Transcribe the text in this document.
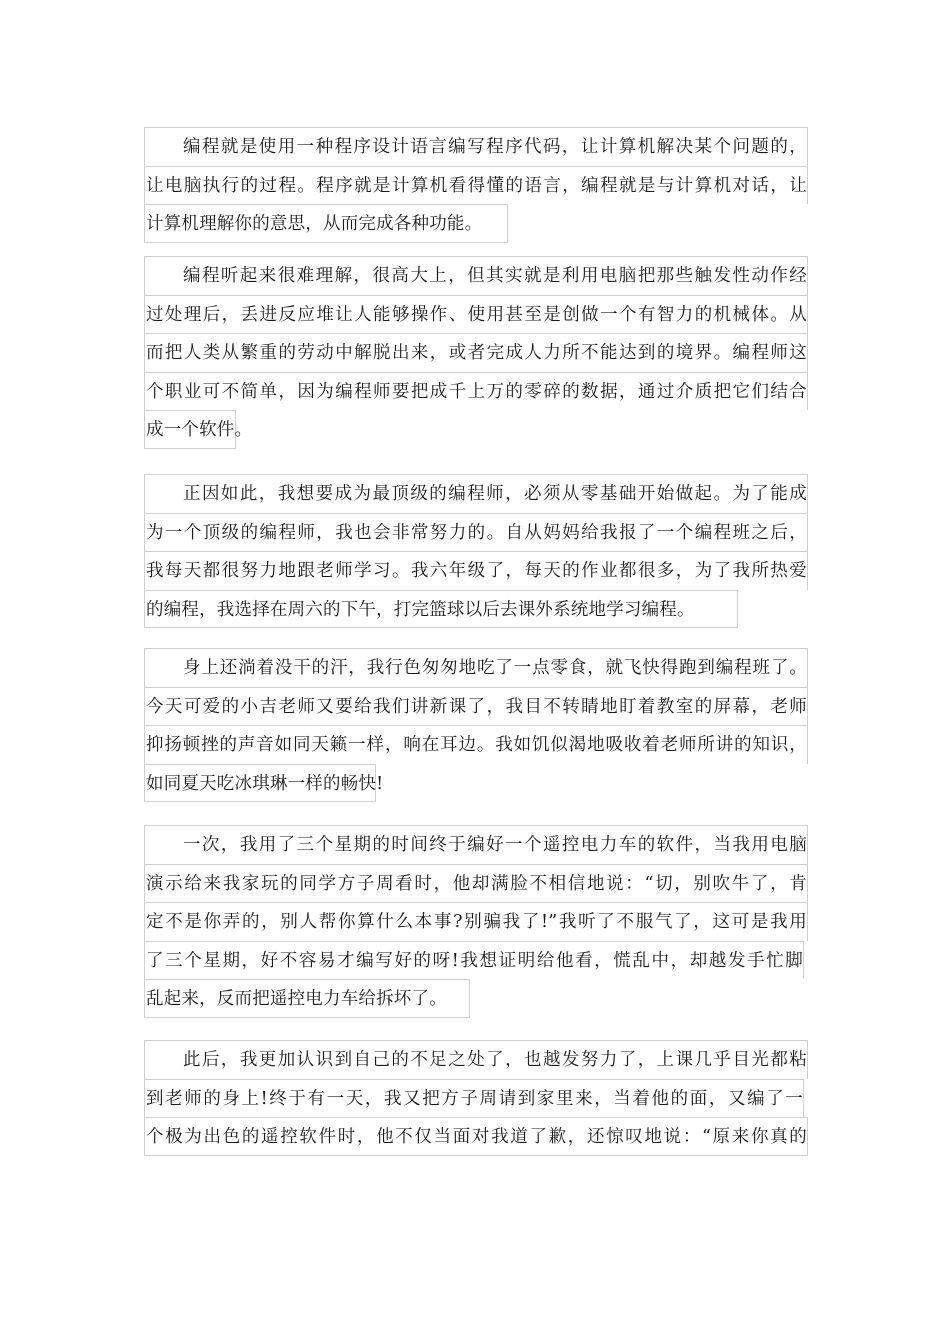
编程就是使用一种程序设计语言编写程序代码，让计算机解决某个问题的，
让电脑执行的过程。程序就是计算机看得懂的语言，编程就是与计算机对话，让
计算机理解你的意思，从而完成各种功能。
编程听起来很难理解，很高大上，但其实就是利用电脑把那些触发性动作经
过处理后，丢进反应堆让人能够操作、使用甚至是创做一个有智力的机械体。从
而把人类从繁重的劳动中解脱出来，或者完成人力所不能达到的境界。编程师这
个职业可不简单，因为编程师要把成千上万的零碎的数据，通过介质把它们结合
成一个软件。
正因如此，我想要成为最顶级的编程师，必须从零基础开始做起。为了能成
为一个顶级的编程师，我也会非常努力的。自从妈妈给我报了一个编程班之后，
我每天都很努力地跟老师学习。我六年级了，每天的作业都很多，为了我所热爱
的编程，我选择在周六的下午，打完篮球以后去课外系统地学习编程。
身上还淌着没干的汗，我行色匆匆地吃了一点零食，就飞快得跑到编程班了。
今天可爱的小吉老师又要给我们讲新课了，我目不转睛地盯着教室的屏幕，老师
抑扬顿挫的声音如同天籁一样，响在耳边。我如饥似渴地吸收着老师所讲的知识，
如同夏天吃冰琪琳一样的畅快!
一次，我用了三个星期的时间终于编好一个遥控电力车的软件，当我用电脑
演示给来我家玩的同学方子周看时，他却满脸不相信地说：“切，别吹牛了，肯
定不是你弄的，别人帮你算什么本事?别骗我了!”我听了不服气了，这可是我用
了三个星期，好不容易才编写好的呀!我想证明给他看，慌乱中，却越发手忙脚
乱起来，反而把遥控电力车给拆坏了。
此后，我更加认识到自己的不足之处了，也越发努力了，上课几乎目光都粘
到老师的身上!终于有一天，我又把方子周请到家里来，当着他的面，又编了一
个极为出色的遥控软件时，他不仅当面对我道了歉，还惊叹地说：“原来你真的
